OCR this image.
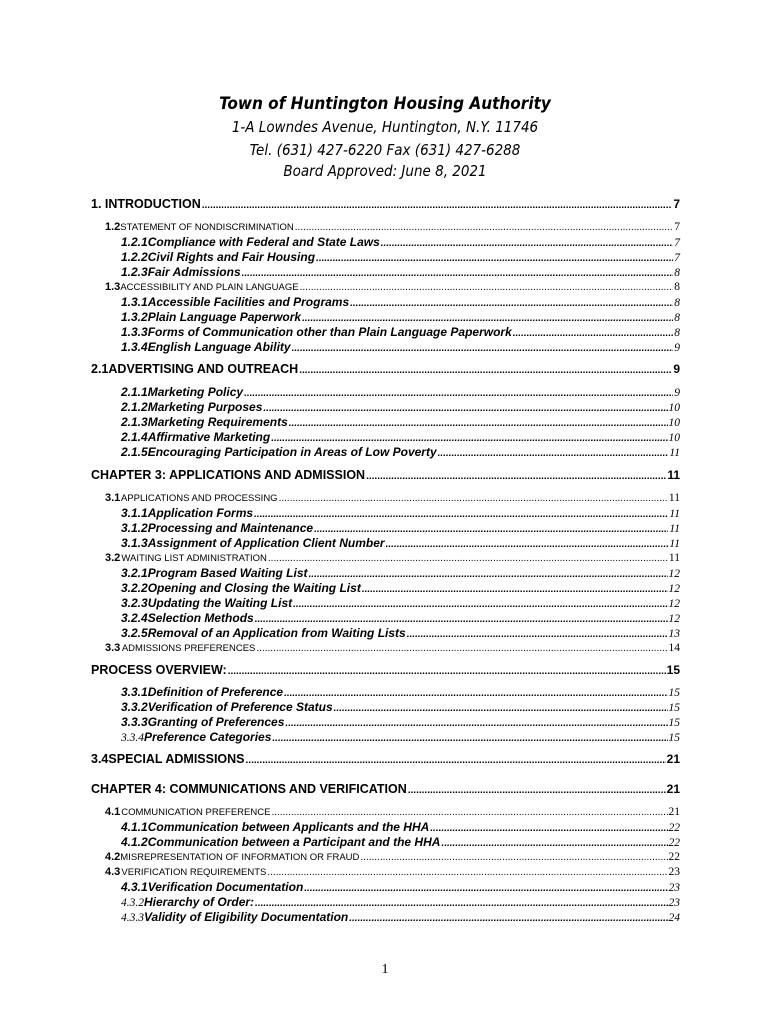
Town of Huntington Housing Authority
1-A Lowndes Avenue, Huntington, N.Y. 11746
Tel. (631) 427-6220 Fax (631) 427-6288
Board Approved: June 8, 2021
1. INTRODUCTION .....	7
1.2 STATEMENT OF NONDISCRIMINATION .....	7
1.2.1 Compliance with Federal and State Laws .....	7
1.2.2 Civil Rights and Fair Housing .....	7
1.2.3 Fair Admissions .....	8
1.3 ACCESSIBILITY AND PLAIN LANGUAGE .....	8
1.3.1 Accessible Facilities and Programs .....	8
1.3.2 Plain Language Paperwork .....	8
1.3.3 Forms of Communication other than Plain Language Paperwork .....	8
1.3.4 English Language Ability .....	9
2.1 ADVERTISING AND OUTREACH .....	9
2.1.1 Marketing Policy .....	9
2.1.2 Marketing Purposes .....	10
2.1.3 Marketing Requirements .....	10
2.1.4 Affirmative Marketing .....	10
2.1.5 Encouraging Participation in Areas of Low Poverty .....	11
CHAPTER 3: APPLICATIONS AND ADMISSION .....	11
3.1 APPLICATIONS AND PROCESSING .....	11
3.1.1 Application Forms .....	11
3.1.2 Processing and Maintenance .....	11
3.1.3 Assignment of Application Client Number .....	11
3.2 WAITING LIST ADMINISTRATION .....	11
3.2.1 Program Based Waiting List .....	12
3.2.2 Opening and Closing the Waiting List .....	12
3.2.3 Updating the Waiting List .....	12
3.2.4 Selection Methods .....	12
3.2.5 Removal of an Application from Waiting Lists .....	13
3.3 ADMISSIONS PREFERENCES .....	14
PROCESS OVERVIEW: .....	15
3.3.1 Definition of Preference .....	15
3.3.2 Verification of Preference Status .....	15
3.3.3 Granting of Preferences .....	15
3.3.4 Preference Categories .....	15
3.4 SPECIAL ADMISSIONS .....	21
CHAPTER 4: COMMUNICATIONS AND VERIFICATION .....	21
4.1 COMMUNICATION PREFERENCE .....	21
4.1.1 Communication between Applicants and the HHA .....	22
4.1.2 Communication between a Participant and the HHA .....	22
4.2 MISREPRESENTATION OF INFORMATION OR FRAUD .....	22
4.3 VERIFICATION REQUIREMENTS .....	23
4.3.1 Verification Documentation .....	23
4.3.2 Hierarchy of Order: .....	23
4.3.3 Validity of Eligibility Documentation .....	24
1
